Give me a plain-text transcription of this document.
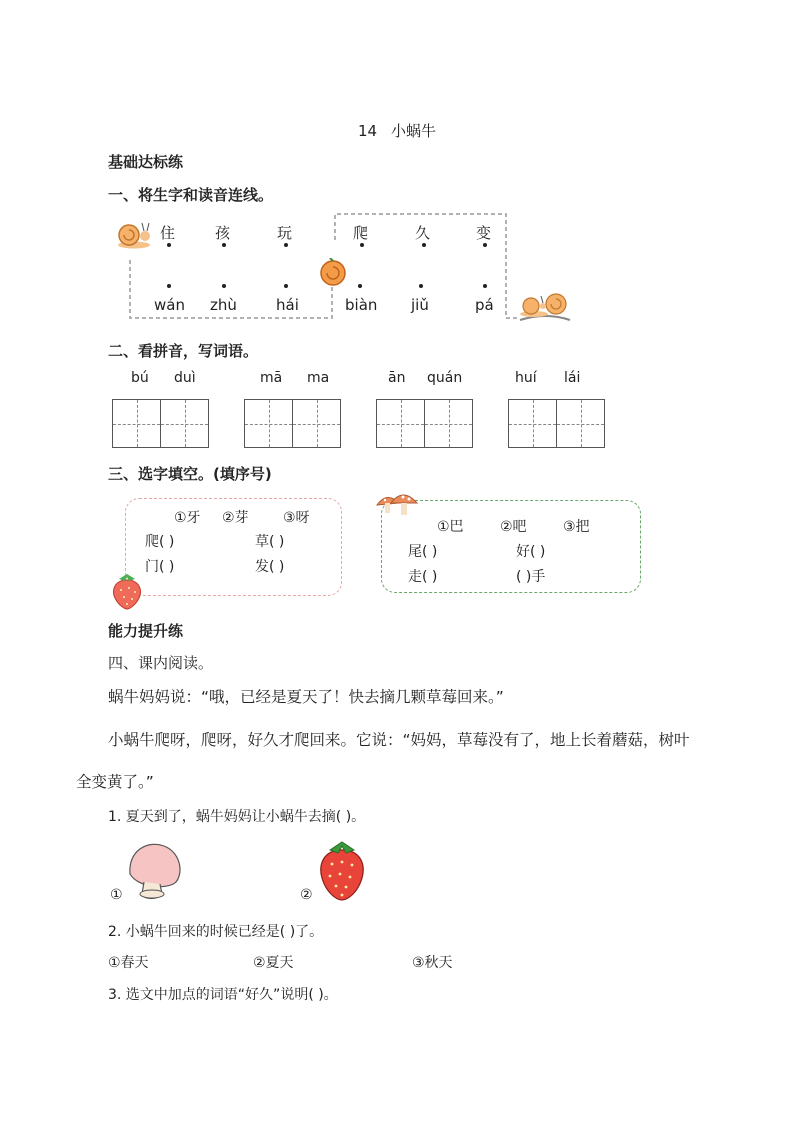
14 小蜗牛
基础达标练
一、将生字和读音连线。
住	孩	玩	爬	久	变
wán zhù	hái	biàn jiǔ	pá
二、看拼音，写词语。
bú duì	mā ma	ān quán	huí lái
三、选字填空。(填序号)
①牙 ②芽 ③呀
爬( )	草( )
门( )	发( )
①巴	②吧	③把
尾( )	好( )
走( )	( )手
能力提升练
四、课内阅读。
蜗牛妈妈说：“哦，已经是夏天了！快去摘几颗草莓回来。”
小蜗牛爬呀，爬呀，好久才爬回来。它说：“妈妈，草莓没有了，地上长着蘑菇，树叶
全变黄了。”
1. 夏天到了，蜗牛妈妈让小蜗牛去摘( )。
①	②
2. 小蜗牛回来的时候已经是( )了。
①春天	②夏天	③秋天
3. 选文中加点的词语“好久”说明( )。
